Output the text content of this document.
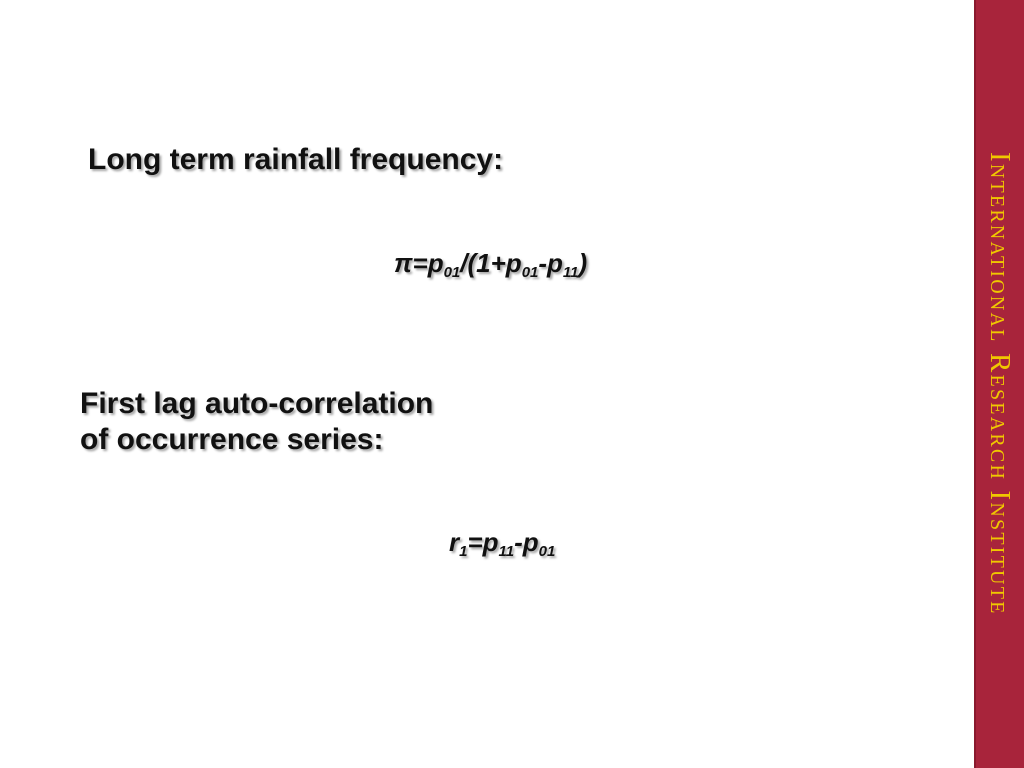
Long term rainfall frequency:
$\pi=p_{01}/(1+p_{01}-p_{11})$
First lag auto-correlation
of occurrence series:
$r_1=p_{11}-p_{01}$	International Research Institute
